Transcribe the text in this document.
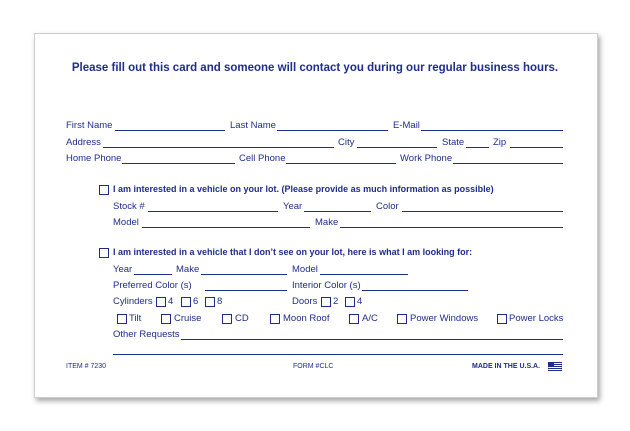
Please fill out this card and someone will contact you during our regular business hours.
First Name	Last Name	E-Mail
Address	City	State	Zip
Home Phone	Cell Phone	Work Phone
I am interested in a vehicle on your lot. (Please provide as much information as possible)
Stock #	Year	Color
Model	Make
I am interested in a vehicle that I don’t see on your lot, here is what I am looking for:
Year	Make	Model
Preferred Color (s)	Interior Color (s)
Cylinders 4 6 8	Doors 2 4
Tilt	Cruise	CD	Moon Roof	A/C	Power Windows	Power Locks
Other Requests
ITEM # 7230	FORM #CLC	MADE IN THE U.S.A.
